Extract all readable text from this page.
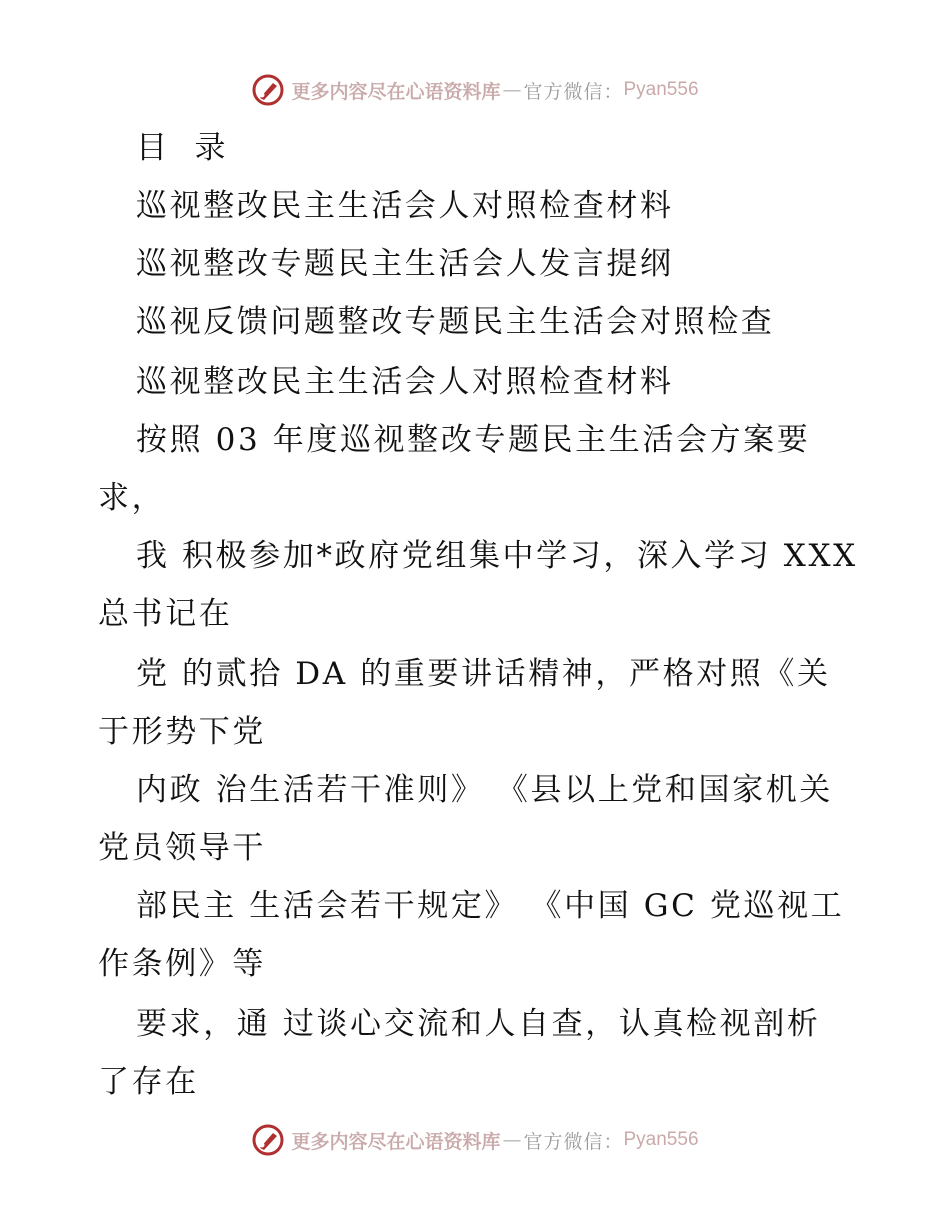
更多内容尽在心语资料库 — 官方微信： Pyan556
目  录
巡视整改民主生活会人对照检查材料
巡视整改专题民主生活会人发言提纲
巡视反馈问题整改专题民主生活会对照检查
巡视整改民主生活会人对照检查材料
按照 03 年度巡视整改专题民主生活会方案要
求，
我 积极参加*政府党组集中学习，深入学习 XXX
总书记在
党 的贰拾 DA 的重要讲话精神，严格对照《关
于形势下党
内政 治生活若干准则》 《县以上党和国家机关
党员领导干
部民主 生活会若干规定》 《中国 GC 党巡视工
作条例》等
要求，通 过谈心交流和人自查，认真检视剖析
了存在
更多内容尽在心语资料库 — 官方微信： Pyan556
